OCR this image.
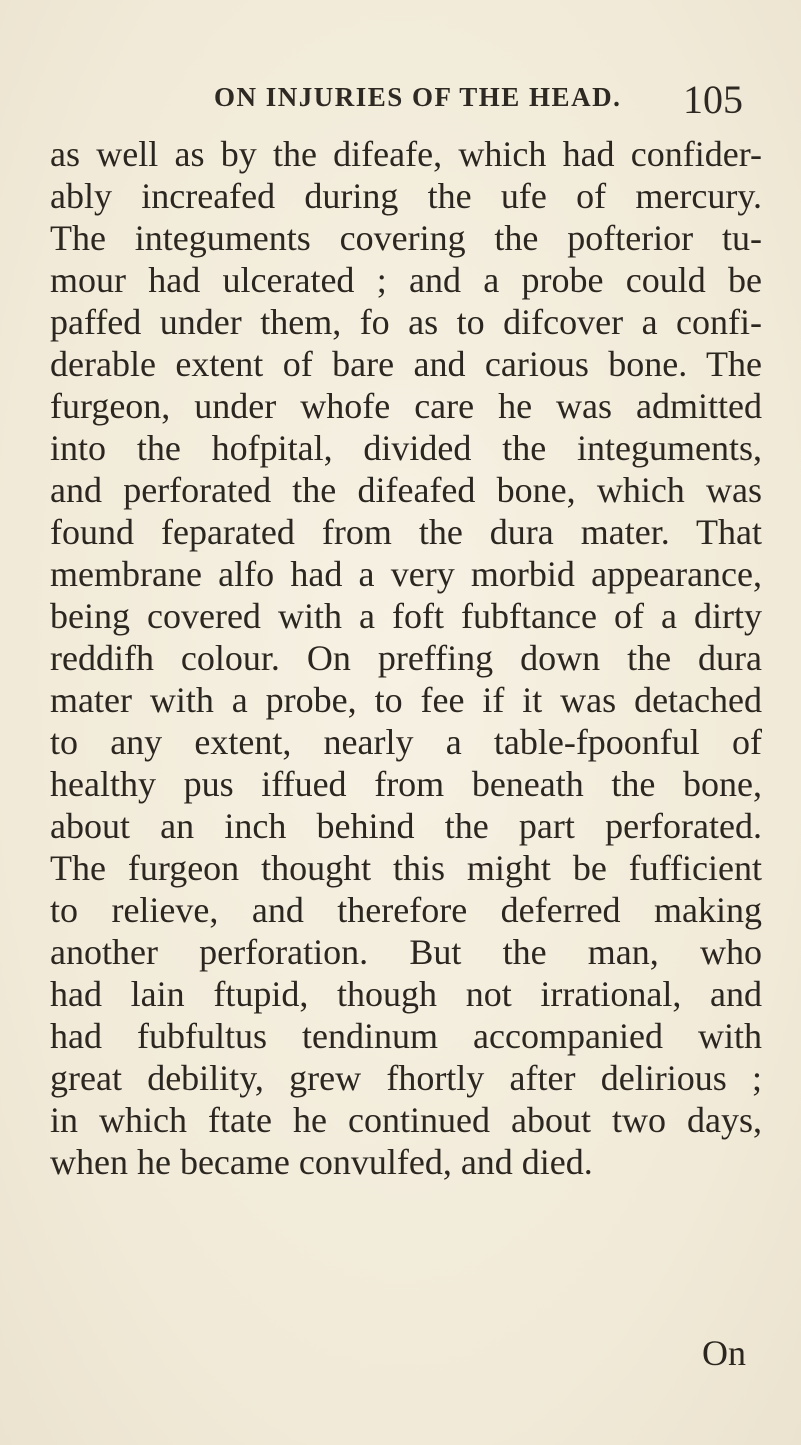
ON INJURIES OF THE HEAD. 105
as well as by the difeafe, which had confider-
ably increafed during the ufe of mercury.
The integuments covering the pofterior tu-
mour had ulcerated ; and a probe could be
paffed under them, fo as to difcover a confi-
derable extent of bare and carious bone. The
furgeon, under whofe care he was admitted
into the hofpital, divided the integuments,
and perforated the difeafed bone, which was
found feparated from the dura mater. That
membrane alfo had a very morbid appearance,
being covered with a foft fubftance of a dirty
reddifh colour. On preffing down the dura
mater with a probe, to fee if it was detached
to any extent, nearly a table-fpoonful of
healthy pus iffued from beneath the bone,
about an inch behind the part perforated.
The furgeon thought this might be fufficient
to relieve, and therefore deferred making
another perforation. But the man, who
had lain ftupid, though not irrational, and
had fubfultus tendinum accompanied with
great debility, grew fhortly after delirious ;
in which ftate he continued about two days,
when he became convulfed, and died.
On
